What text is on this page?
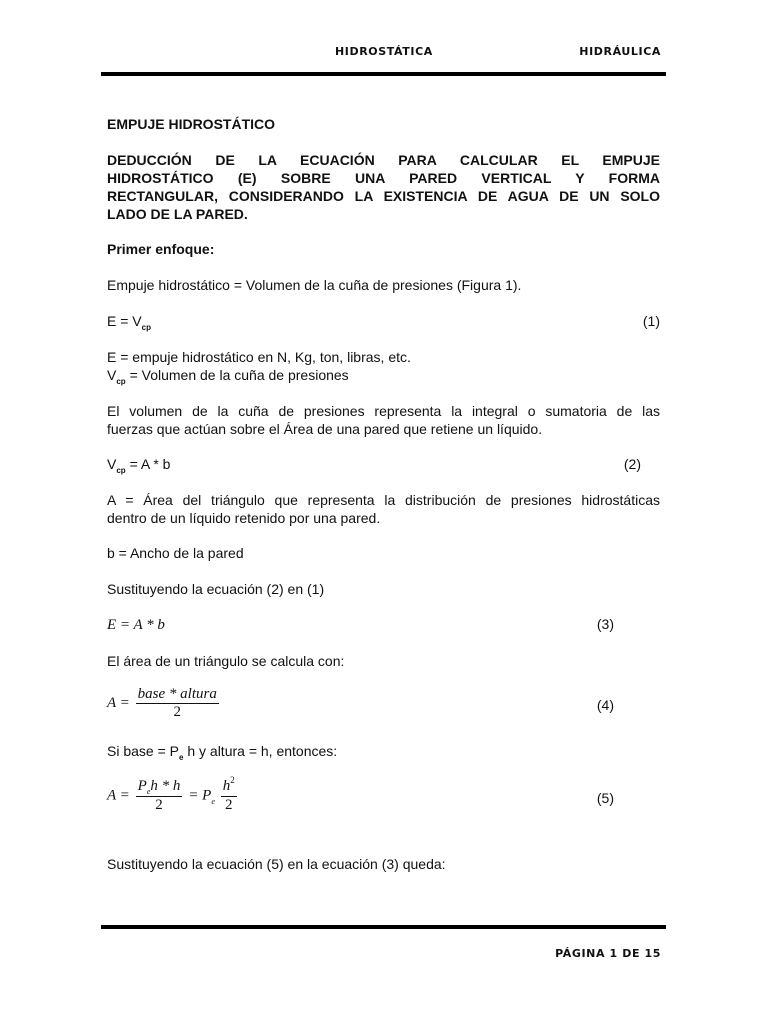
HIDROSTÁTICA	HIDRÁULICA
EMPUJE HIDROSTÁTICO
DEDUCCIÓN DE LA ECUACIÓN PARA CALCULAR EL EMPUJE
HIDROSTÁTICO (E) SOBRE UNA PARED VERTICAL Y FORMA
RECTANGULAR, CONSIDERANDO LA EXISTENCIA DE AGUA DE UN SOLO
LADO DE LA PARED.
Primer enfoque:
Empuje hidrostático = Volumen de la cuña de presiones (Figura 1).
$E = V_{cp}$	(1)
E = empuje hidrostático en N, Kg, ton, libras, etc.
$V_{cp}$ = Volumen de la cuña de presiones
El volumen de la cuña de presiones representa la integral o sumatoria de las
fuerzas que actúan sobre el Área de una pared que retiene un líquido.
$V_{cp} = A * b$	(2)
A = Área del triángulo que representa la distribución de presiones hidrostáticas
dentro de un líquido retenido por una pared.
b = Ancho de la pared
Sustituyendo la ecuación (2) en (1)
E = A * b	(3)
El área de un triángulo se calcula con:
$A = \frac{\text{base * altura}}{2}$	(4)
Si base = $P_e$ h y altura = h, entonces:
$A = \frac{P_eh * h}{2} = P_e \frac{h^2}{2}$	(5)
Sustituyendo la ecuación (5) en la ecuación (3) queda:
PÁGINA 1 DE 15
